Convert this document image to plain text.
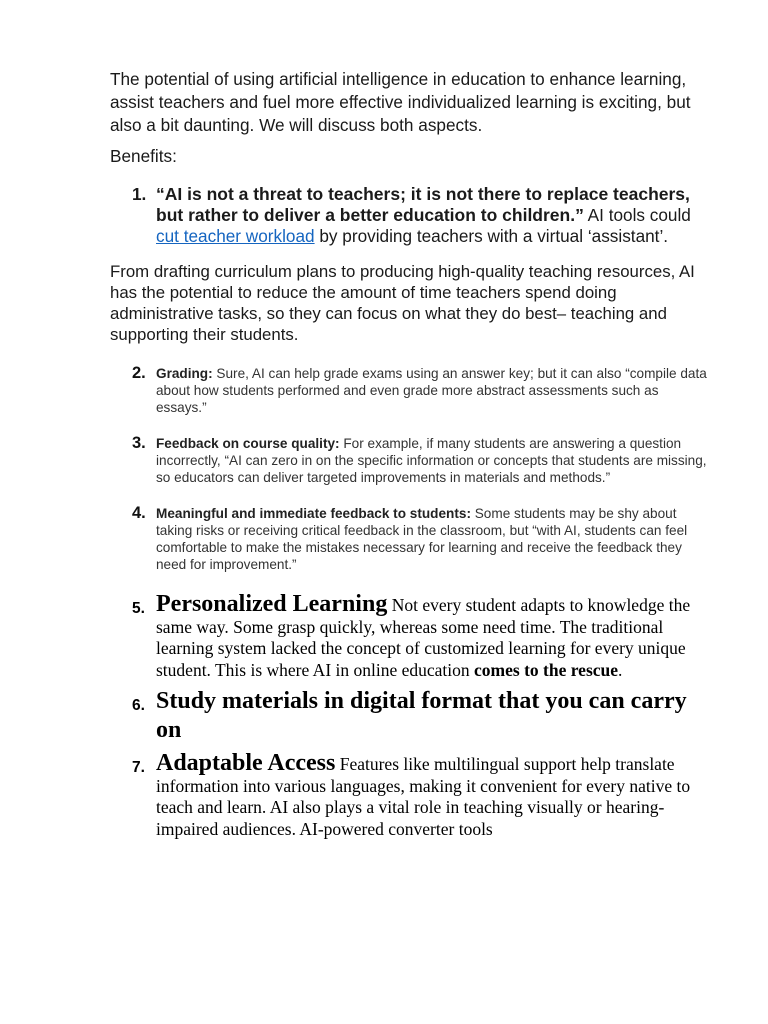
The potential of using artificial intelligence in education to enhance learning, assist teachers and fuel more effective individualized learning is exciting, but also a bit daunting. We will discuss both aspects.

Benefits:

1. “AI is not a threat to teachers; it is not there to replace teachers, but rather to deliver a better education to children.” AI tools could cut teacher workload by providing teachers with a virtual ‘assistant’.
From drafting curriculum plans to producing high-quality teaching resources, AI has the potential to reduce the amount of time teachers spend doing administrative tasks, so they can focus on what they do best– teaching and supporting their students.
2. Grading: Sure, AI can help grade exams using an answer key; but it can also “compile data about how students performed and even grade more abstract assessments such as essays.”
3. Feedback on course quality: For example, if many students are answering a question incorrectly, “AI can zero in on the specific information or concepts that students are missing, so educators can deliver targeted improvements in materials and methods.”
4. Meaningful and immediate feedback to students: Some students may be shy about taking risks or receiving critical feedback in the classroom, but “with AI, students can feel comfortable to make the mistakes necessary for learning and receive the feedback they need for improvement.”
5. Personalized Learning Not every student adapts to knowledge the same way. Some grasp quickly, whereas some need time. The traditional learning system lacked the concept of customized learning for every unique student. This is where AI in online education comes to the rescue.
6. Study materials in digital format that you can carry on
7. Adaptable Access Features like multilingual support help translate information into various languages, making it convenient for every native to teach and learn. AI also plays a vital role in teaching visually or hearing-impaired audiences. AI-powered converter tools
